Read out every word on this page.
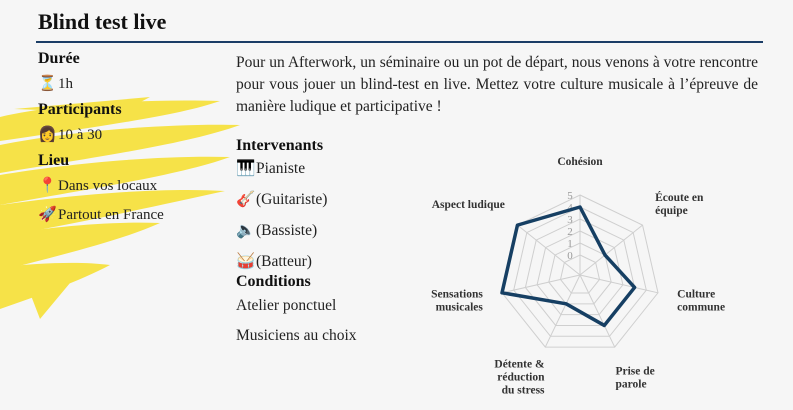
Blind test live
Durée
⏳1h
Participants
👩10 à 30
Lieu
📍Dans vos locaux
🚀Partout en France

Pour un Afterwork, un séminaire ou un pot de départ, nous venons à votre rencontre pour vous jouer un blind-test en live. Mettez votre culture musicale à l’épreuve de manière ludique et participative !

Intervenants
🎹Pianiste
🎸(Guitariste)
🔈(Bassiste)
🥁(Batteur)
Conditions
Atelier ponctuel
Musiciens au choix
0
1
2
3
4
5
Cohésion
Écoute en équipe
Culture commune
Prise de parole
Détente & réduction du stress
Sensations musicales
Aspect ludique
